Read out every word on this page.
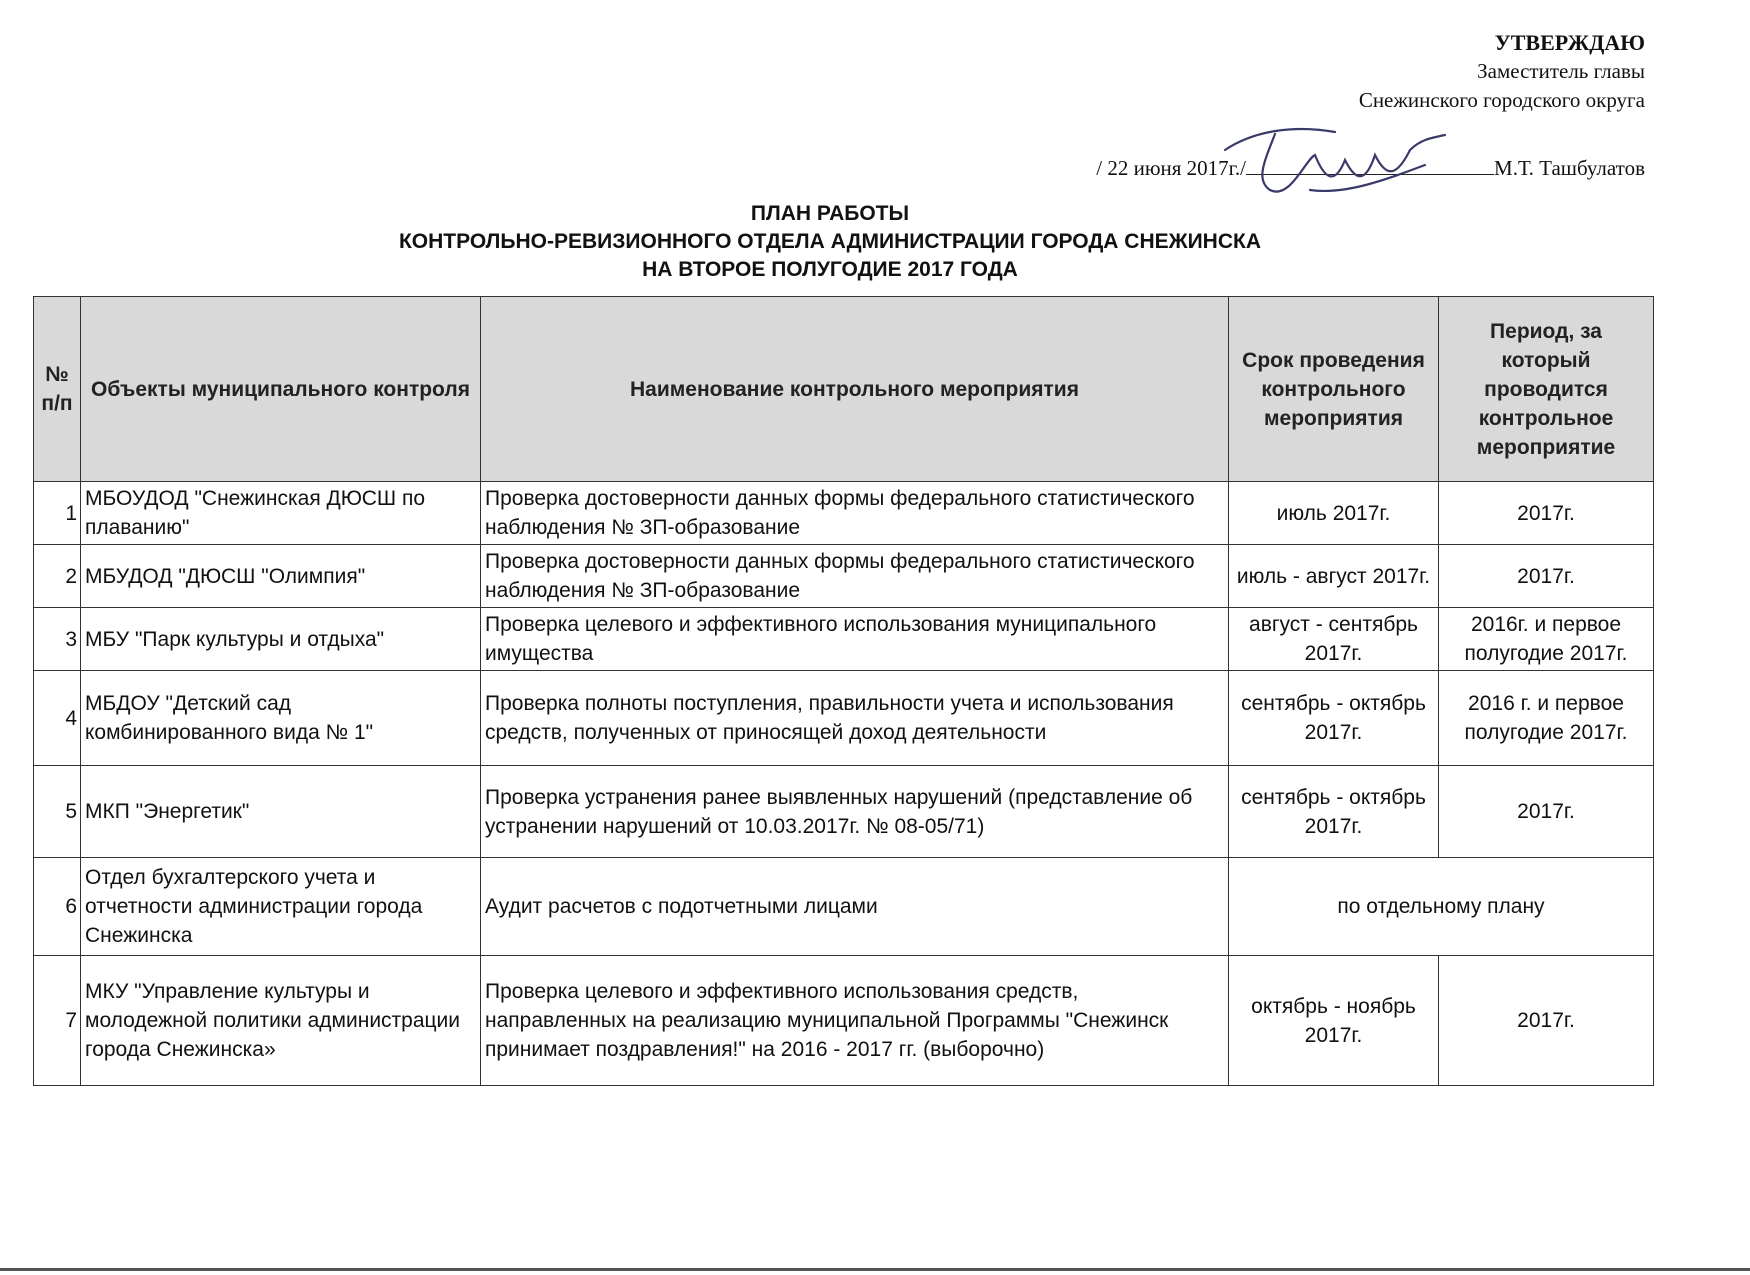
УТВЕРЖДАЮ
Заместитель главы
Снежинского городского округа
/ 22 июня 2017г./	М.Т. Ташбулатов
ПЛАН РАБОТЫ
КОНТРОЛЬНО-РЕВИЗИОННОГО ОТДЕЛА АДМИНИСТРАЦИИ ГОРОДА СНЕЖИНСКА
НА ВТОРОЕ ПОЛУГОДИЕ 2017 ГОДА
№ п/п	Объекты муниципального контроля	Наименование контрольного мероприятия	Срок проведения контрольного мероприятия	Период, за который проводится контрольное мероприятие
1	МБОУДОД "Снежинская ДЮСШ по плаванию"	Проверка достоверности данных формы федерального статистического наблюдения № ЗП-образование	июль 2017г.	2017г.
2	МБУДОД "ДЮСШ "Олимпия"	Проверка достоверности данных формы федерального статистического наблюдения № ЗП-образование	июль - август 2017г.	2017г.
3	МБУ "Парк культуры и отдыха"	Проверка целевого и эффективного использования муниципального имущества	август - сентябрь 2017г.	2016г. и первое полугодие 2017г.
4	МБДОУ "Детский сад комбинированного вида № 1"	Проверка полноты поступления, правильности учета и использования средств, полученных от приносящей доход деятельности	сентябрь - октябрь 2017г.	2016 г. и первое полугодие 2017г.
5	МКП "Энергетик"	Проверка устранения ранее выявленных нарушений (представление об устранении нарушений от 10.03.2017г. № 08-05/71)	сентябрь - октябрь 2017г.	2017г.
6	Отдел бухгалтерского учета и отчетности администрации города Снежинска	Аудит расчетов с подотчетными лицами	по отдельному плану	
7	МКУ "Управление культуры и молодежной политики администрации города Снежинска»	Проверка целевого и эффективного использования средств, направленных на реализацию муниципальной Программы "Снежинск принимает поздравления!" на 2016 - 2017 гг. (выборочно)	октябрь - ноябрь 2017г.	2017г.
